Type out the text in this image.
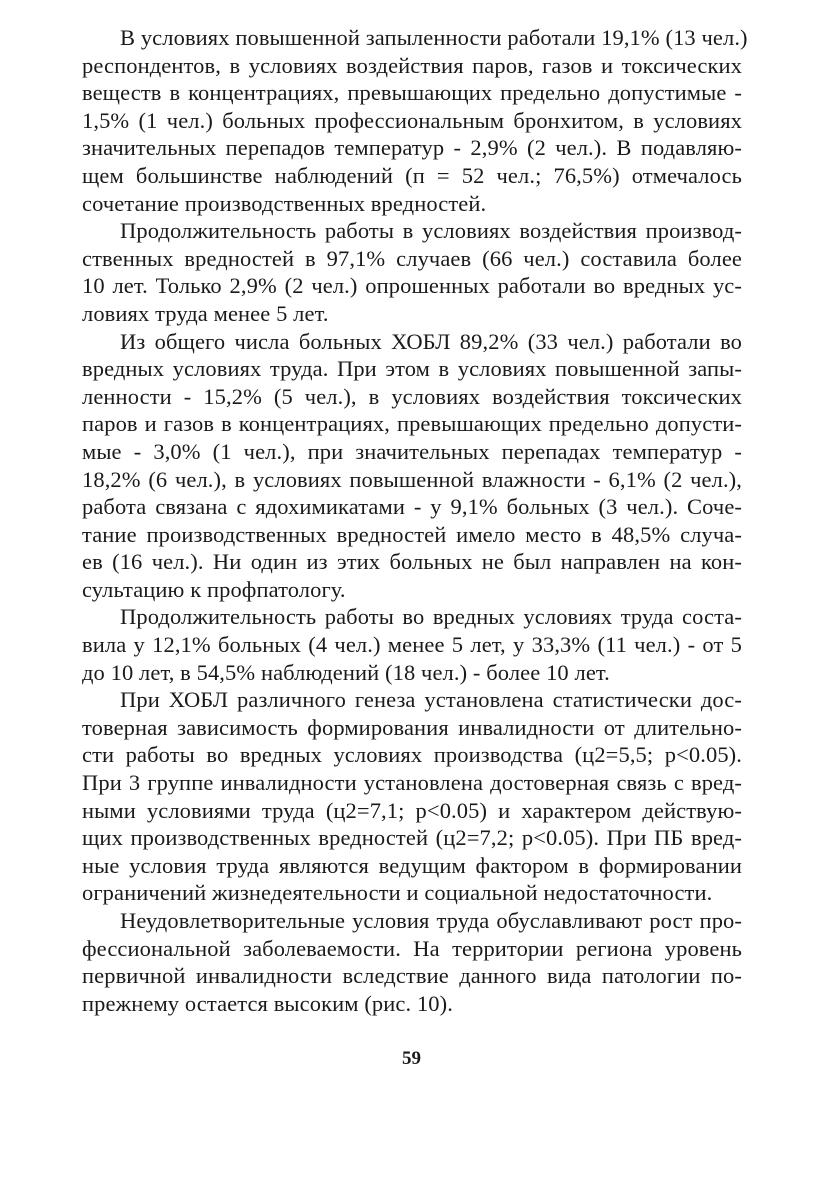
В условиях повышенной запыленности работали 19,1% (13 чел.)
респондентов, в условиях воздействия паров, газов и токсических
веществ в концентрациях, превышающих предельно допустимые -
1,5% (1 чел.) больных профессиональным бронхитом, в условиях
значительных перепадов температур - 2,9% (2 чел.). В подавляю-
щем большинстве наблюдений (п = 52 чел.; 76,5%) отмечалось
сочетание производственных вредностей.
Продолжительность работы в условиях воздействия производ-
ственных вредностей в 97,1% случаев (66 чел.) составила более
10 лет. Только 2,9% (2 чел.) опрошенных работали во вредных ус-
ловиях труда менее 5 лет.
Из общего числа больных ХОБЛ 89,2% (33 чел.) работали во
вредных условиях труда. При этом в условиях повышенной запы-
ленности - 15,2% (5 чел.), в условиях воздействия токсических
паров и газов в концентрациях, превышающих предельно допусти-
мые - 3,0% (1 чел.), при значительных перепадах температур -
18,2% (6 чел.), в условиях повышенной влажности - 6,1% (2 чел.),
работа связана с ядохимикатами - у 9,1% больных (3 чел.). Соче-
тание производственных вредностей имело место в 48,5% случа-
ев (16 чел.). Ни один из этих больных не был направлен на кон-
сультацию к профпатологу.
Продолжительность работы во вредных условиях труда соста-
вила у 12,1% больных (4 чел.) менее 5 лет, у 33,3% (11 чел.) - от 5
до 10 лет, в 54,5% наблюдений (18 чел.) - более 10 лет.
При ХОБЛ различного генеза установлена статистически дос-
товерная зависимость формирования инвалидности от длительно-
сти работы во вредных условиях производства (ц2=5,5; р<0.05).
При 3 группе инвалидности установлена достоверная связь с вред-
ными условиями труда (ц2=7,1; р<0.05) и характером действую-
щих производственных вредностей (ц2=7,2; р<0.05). При ПБ вред-
ные условия труда являются ведущим фактором в формировании
ограничений жизнедеятельности и социальной недостаточности.
Неудовлетворительные условия труда обуславливают рост про-
фессиональной заболеваемости. На территории региона уровень
первичной инвалидности вследствие данного вида патологии по-
прежнему остается высоким (рис. 10).
59
